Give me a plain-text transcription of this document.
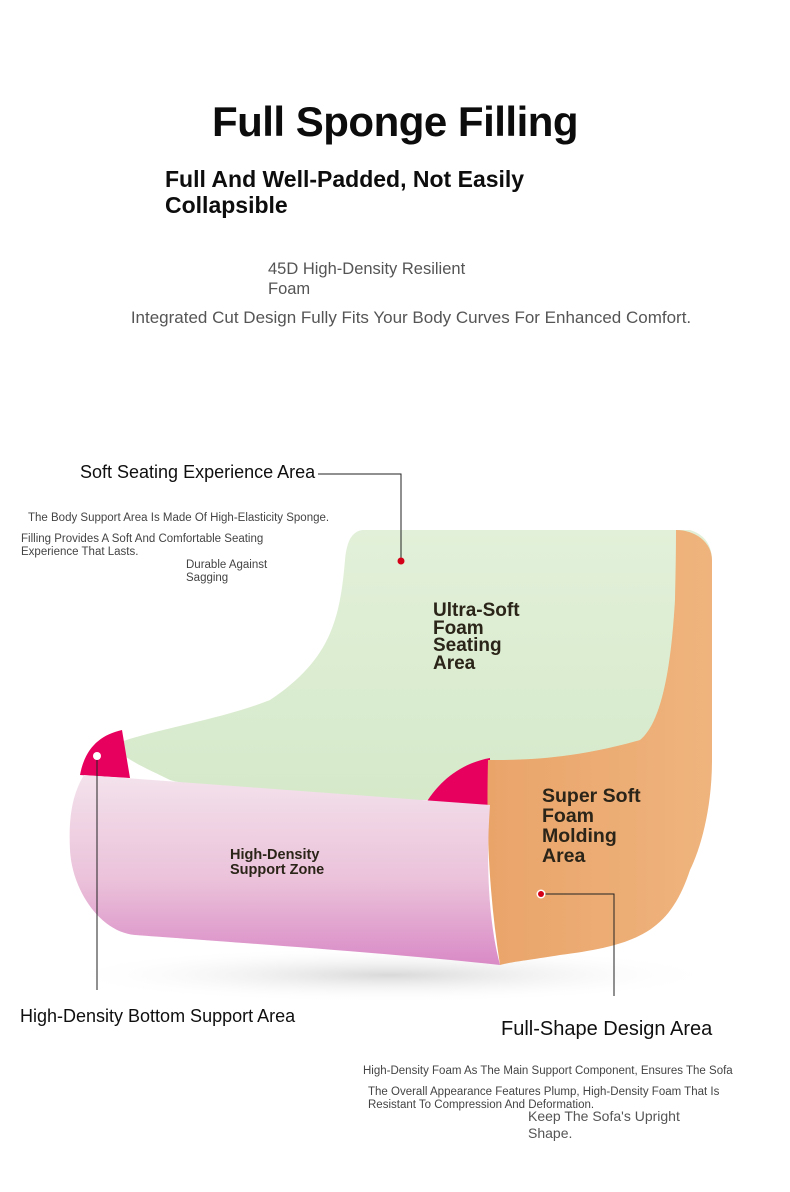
Full Sponge Filling
Full And Well-Padded, Not Easily Collapsible
45D High-Density Resilient Foam
Integrated Cut Design Fully Fits Your Body Curves For Enhanced Comfort.
Soft Seating Experience Area
The Body Support Area Is Made Of High-Elasticity Sponge.
Filling Provides A Soft And Comfortable Seating Experience That Lasts.
Durable Against Sagging
Ultra-Soft Foam Seating Area
High-Density Support Zone
Super Soft Foam Molding Area
High-Density Bottom Support Area
Full-Shape Design Area
High-Density Foam As The Main Support Component, Ensures The Sofa
The Overall Appearance Features Plump, High-Density Foam That Is Resistant To Compression And Deformation.
Keep The Sofa's Upright Shape.
